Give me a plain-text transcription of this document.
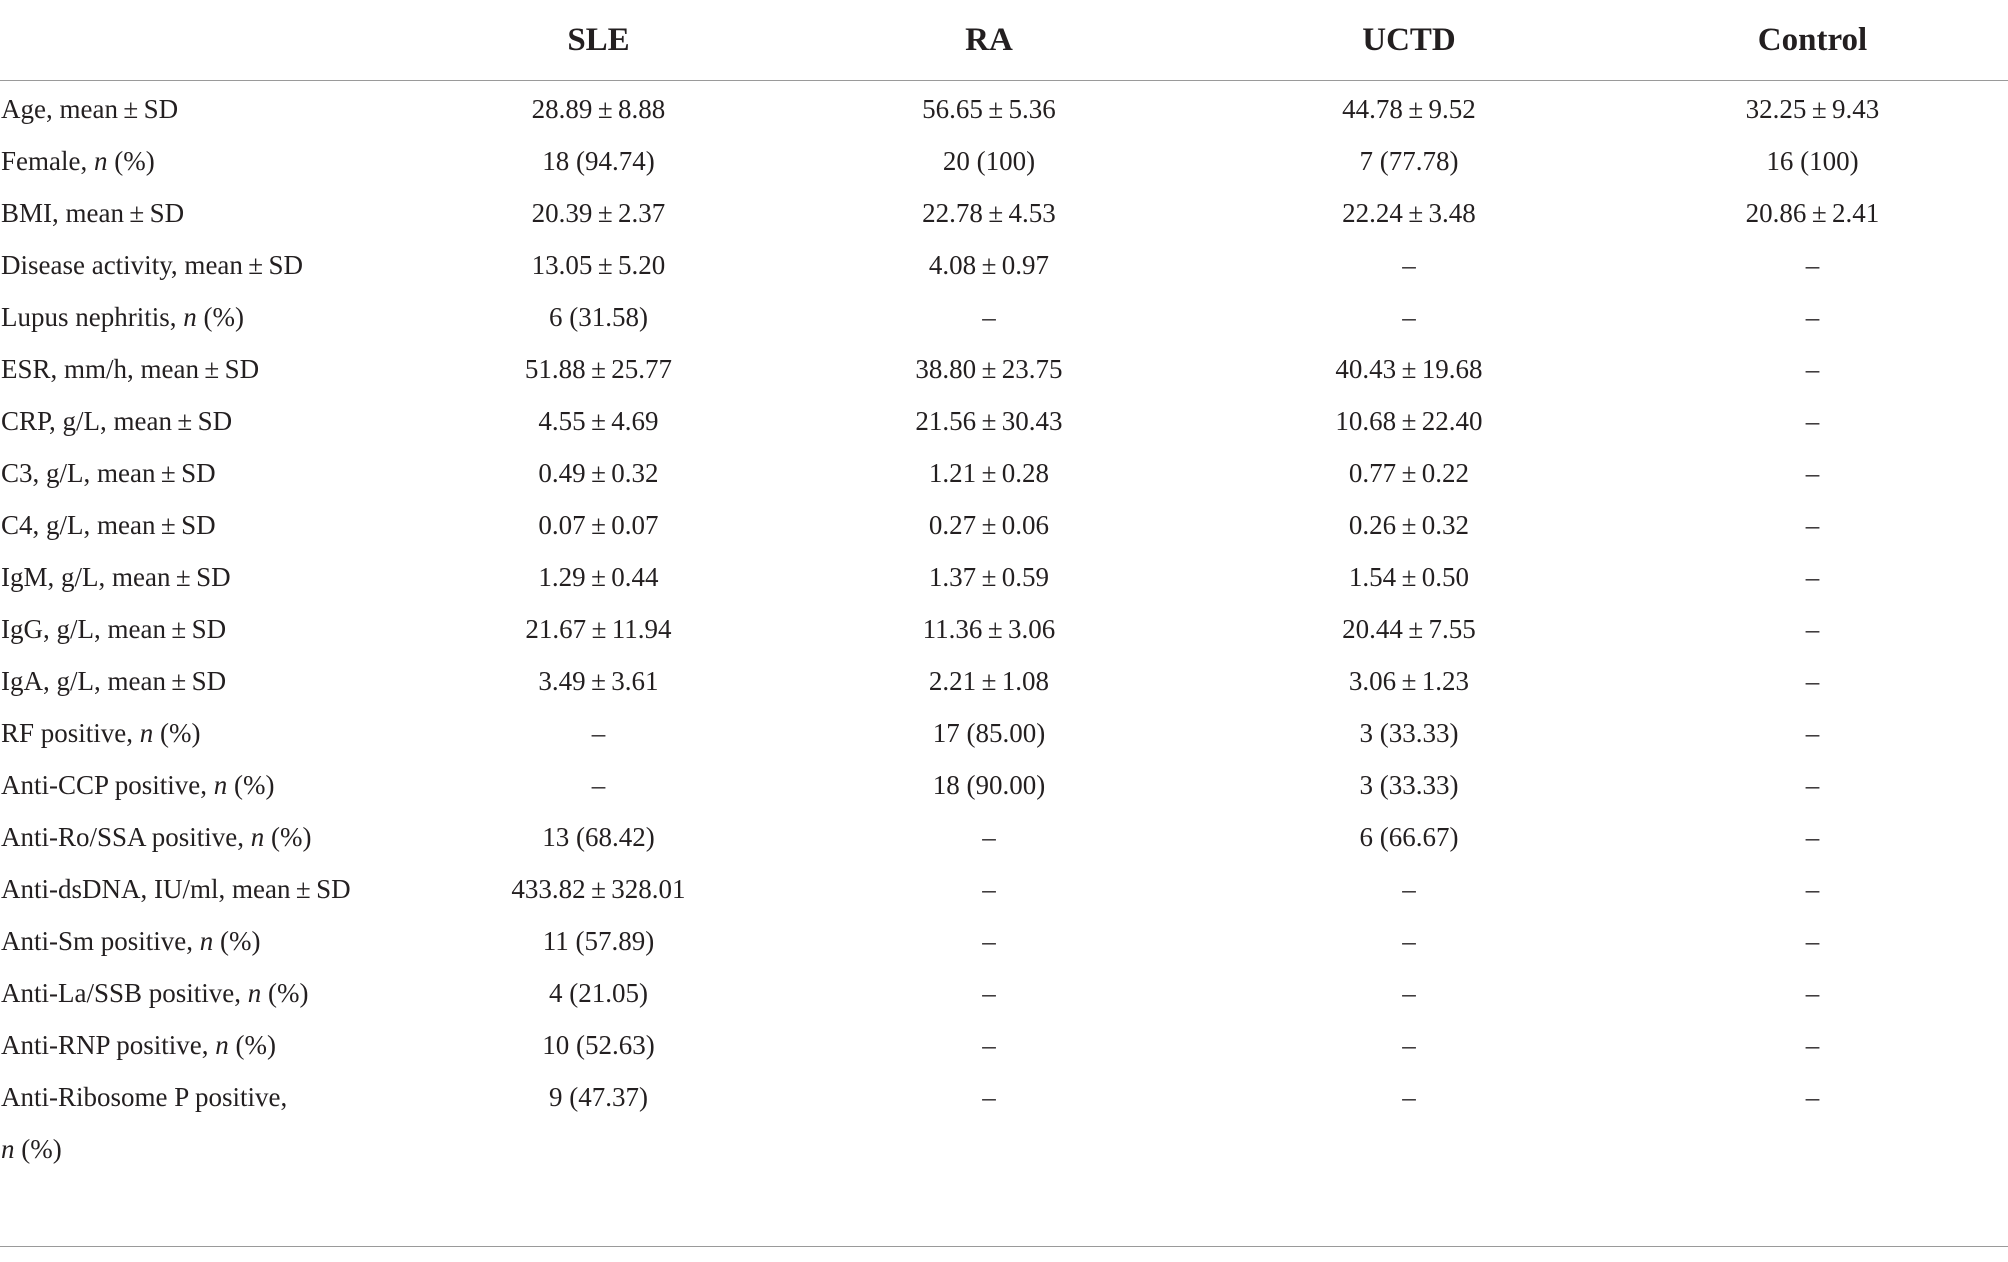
	SLE	RA	UCTD	Control
Age, mean ± SD	28.89 ± 8.88	56.65 ± 5.36	44.78 ± 9.52	32.25 ± 9.43
Female, n (%)	18 (94.74)	20 (100)	7 (77.78)	16 (100)
BMI, mean ± SD	20.39 ± 2.37	22.78 ± 4.53	22.24 ± 3.48	20.86 ± 2.41
Disease activity, mean ± SD	13.05 ± 5.20	4.08 ± 0.97	–	–
Lupus nephritis, n (%)	6 (31.58)	–	–	–
ESR, mm/h, mean ± SD	51.88 ± 25.77	38.80 ± 23.75	40.43 ± 19.68	–
CRP, g/L, mean ± SD	4.55 ± 4.69	21.56 ± 30.43	10.68 ± 22.40	–
C3, g/L, mean ± SD	0.49 ± 0.32	1.21 ± 0.28	0.77 ± 0.22	–
C4, g/L, mean ± SD	0.07 ± 0.07	0.27 ± 0.06	0.26 ± 0.32	–
IgM, g/L, mean ± SD	1.29 ± 0.44	1.37 ± 0.59	1.54 ± 0.50	–
IgG, g/L, mean ± SD	21.67 ± 11.94	11.36 ± 3.06	20.44 ± 7.55	–
IgA, g/L, mean ± SD	3.49 ± 3.61	2.21 ± 1.08	3.06 ± 1.23	–
RF positive, n (%)	–	17 (85.00)	3 (33.33)	–
Anti-CCP positive, n (%)	–	18 (90.00)	3 (33.33)	–
Anti-Ro/SSA positive, n (%)	13 (68.42)	–	6 (66.67)	–
Anti-dsDNA, IU/ml, mean ± SD	433.82 ± 328.01	–	–	–
Anti-Sm positive, n (%)	11 (57.89)	–	–	–
Anti-La/SSB positive, n (%)	4 (21.05)	–	–	–
Anti-RNP positive, n (%)	10 (52.63)	–	–	–
Anti-Ribosome P positive,
n (%)	9 (47.37)	–	–	–
